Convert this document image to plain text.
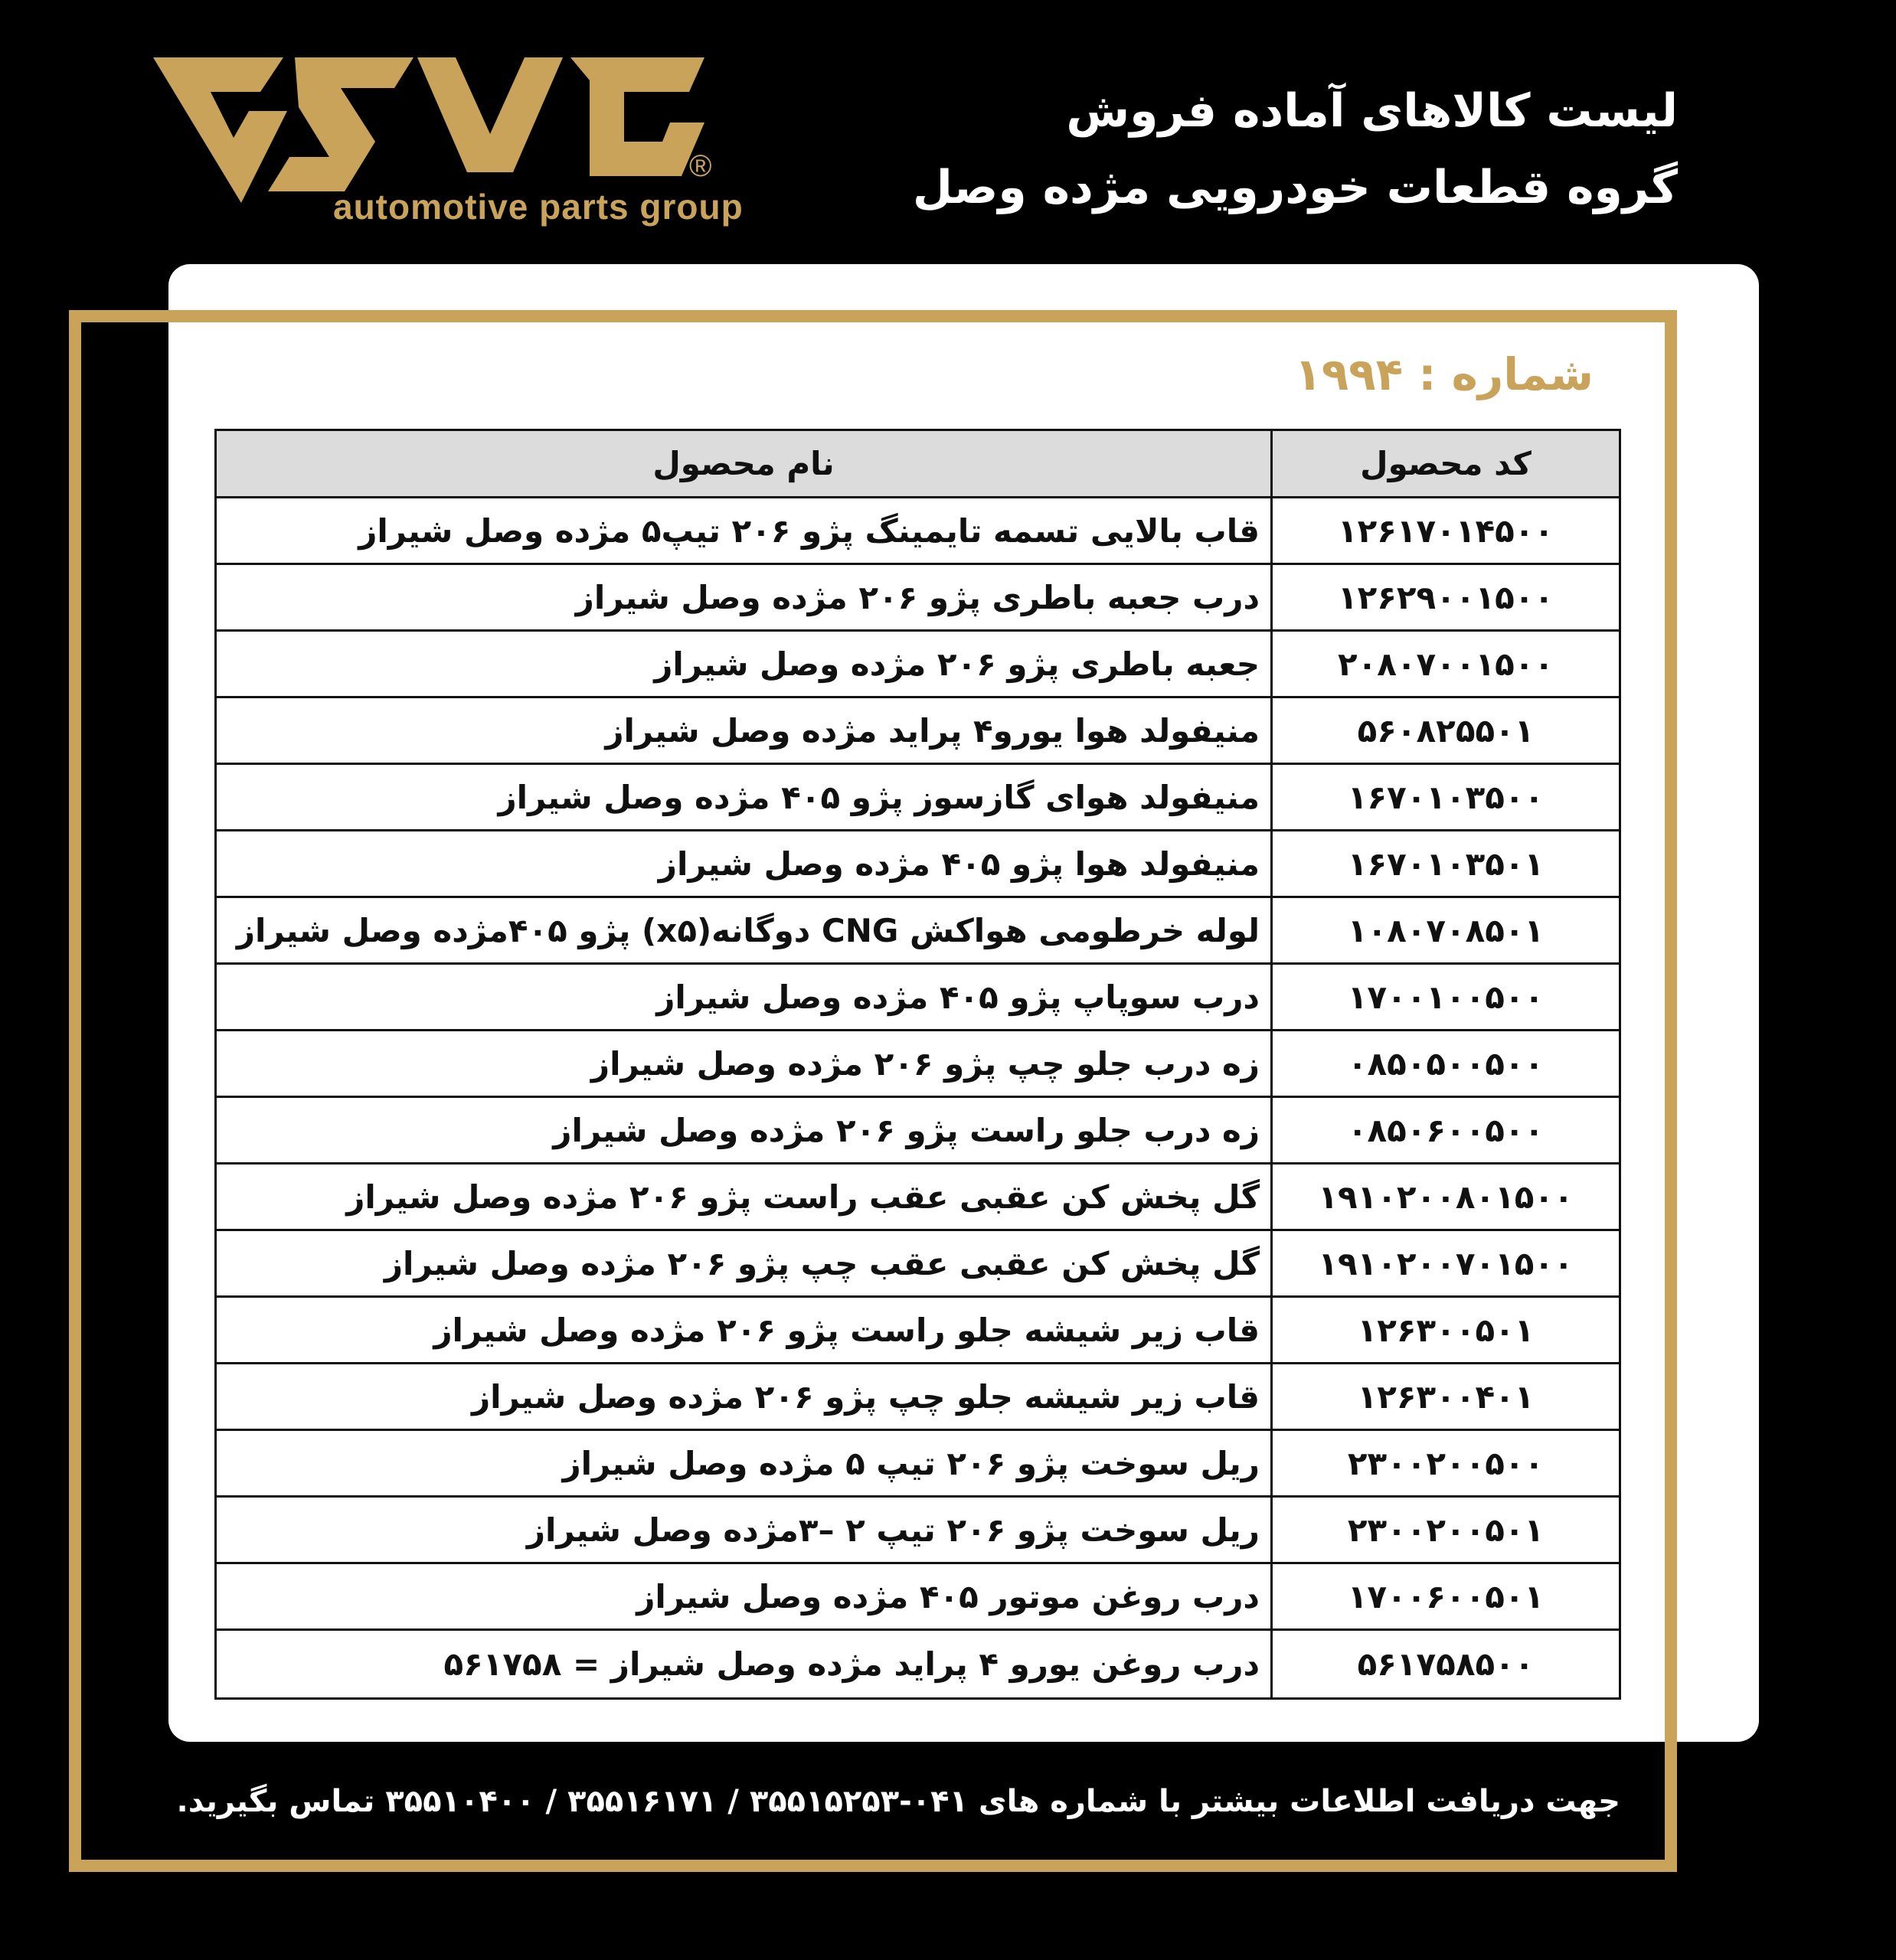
®
automotive parts group
لیست کالاهای آماده فروش
گروه قطعات خودرویی مژده وصل
شماره : ۱۹۹۴
کد محصول
نام محصول
۱۲۶۱۷۰۱۴۵۰۰
قاب بالایی تسمه تایمینگ پژو ۲۰۶ تیپ۵ مژده وصل شیراز
۱۲۶۲۹۰۰۱۵۰۰
درب جعبه باطری پژو ۲۰۶ مژده وصل شیراز
۲۰۸۰۷۰۰۱۵۰۰
جعبه باطری پژو ۲۰۶ مژده وصل شیراز
۵۶۰۸۲۵۵۰۱
منیفولد هوا یورو۴ پراید مژده وصل شیراز
۱۶۷۰۱۰۳۵۰۰
منیفولد هوای گازسوز پژو ۴۰۵ مژده وصل شیراز
۱۶۷۰۱۰۳۵۰۱
منیفولد هوا پژو ۴۰۵ مژده وصل شیراز
۱۰۸۰۷۰۸۵۰۱
لوله خرطومی هواکش CNG دوگانه(x۵) پژو ۴۰۵مژده وصل شیراز
۱۷۰۰۱۰۰۵۰۰
درب سوپاپ پژو ۴۰۵ مژده وصل شیراز
۰۸۵۰۵۰۰۵۰۰
زه درب جلو چپ پژو ۲۰۶ مژده وصل شیراز
۰۸۵۰۶۰۰۵۰۰
زه درب جلو راست پژو ۲۰۶ مژده وصل شیراز
۱۹۱۰۲۰۰۸۰۱۵۰۰
گل پخش کن عقبی عقب راست پژو ۲۰۶ مژده وصل شیراز
۱۹۱۰۲۰۰۷۰۱۵۰۰
گل پخش کن عقبی عقب چپ پژو ۲۰۶ مژده وصل شیراز
۱۲۶۳۰۰۵۰۱
قاب زیر شیشه جلو راست پژو ۲۰۶ مژده وصل شیراز
۱۲۶۳۰۰۴۰۱
قاب زیر شیشه جلو چپ پژو ۲۰۶ مژده وصل شیراز
۲۳۰۰۲۰۰۵۰۰
ریل سوخت پژو ۲۰۶ تیپ ۵ مژده وصل شیراز
۲۳۰۰۲۰۰۵۰۱
ریل سوخت پژو ۲۰۶ تیپ ۲ –۳مژده وصل شیراز
۱۷۰۰۶۰۰۵۰۱
درب روغن موتور ۴۰۵ مژده وصل شیراز
۵۶۱۷۵۸۵۰۰
درب روغن یورو ۴ پراید مژده وصل شیراز = ۵۶۱۷۵۸
جهت دریافت اطلاعات بیشتر با شماره های ۰۴۱-۳۵۵۱۵۲۵۳ / ۳۵۵۱۶۱۷۱ / ۳۵۵۱۰۴۰۰ تماس بگیرید.
